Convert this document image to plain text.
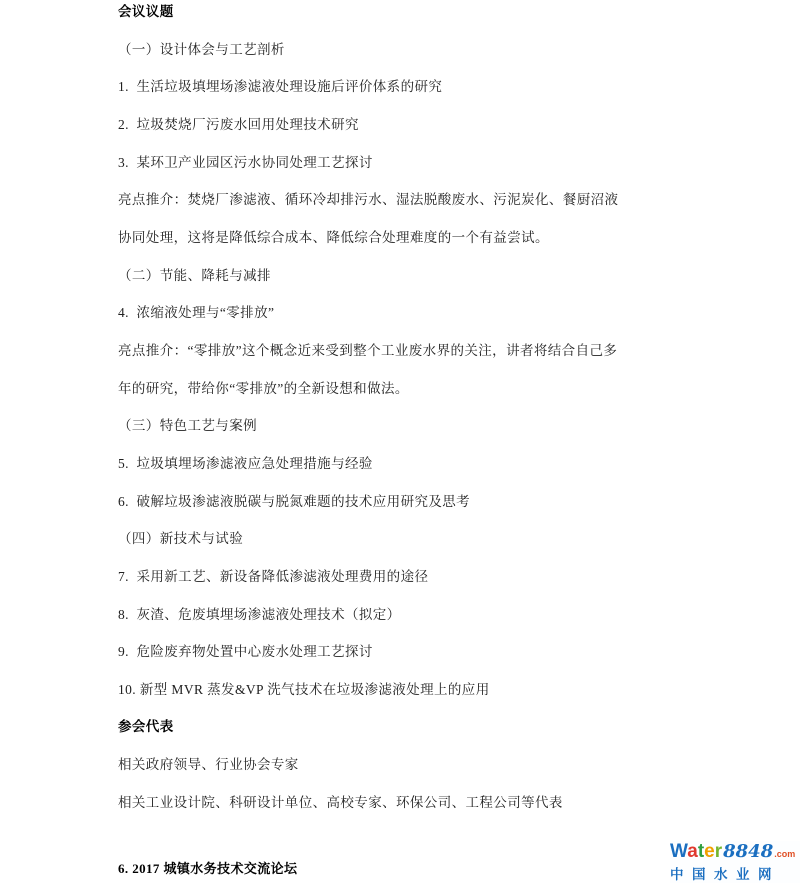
会议议题

（一）设计体会与工艺剖析

1.  生活垃圾填埋场渗滤液处理设施后评价体系的研究

2.  垃圾焚烧厂污废水回用处理技术研究

3.  某环卫产业园区污水协同处理工艺探讨

亮点推介：焚烧厂渗滤液、循环冷却排污水、湿法脱酸废水、污泥炭化、餐厨沼液

协同处理，这将是降低综合成本、降低综合处理难度的一个有益尝试。

（二）节能、降耗与减排

4.  浓缩液处理与“零排放”

亮点推介：“零排放”这个概念近来受到整个工业废水界的关注，讲者将结合自己多

年的研究，带给你“零排放”的全新设想和做法。

（三）特色工艺与案例

5.  垃圾填埋场渗滤液应急处理措施与经验

6.  破解垃圾渗滤液脱碳与脱氮难题的技术应用研究及思考

（四）新技术与试验

7.  采用新工艺、新设备降低渗滤液处理费用的途径

8.  灰渣、危废填埋场渗滤液处理技术（拟定）

9.  危险废弃物处置中心废水处理工艺探讨

10. 新型 MVR 蒸发&VP 洗气技术在垃圾渗滤液处理上的应用

参会代表

相关政府领导、行业协会专家

相关工业设计院、科研设计单位、高校专家、环保公司、工程公司等代表

6. 2017 城镇水务技术交流论坛

Water 8848 .com
中国水业网
